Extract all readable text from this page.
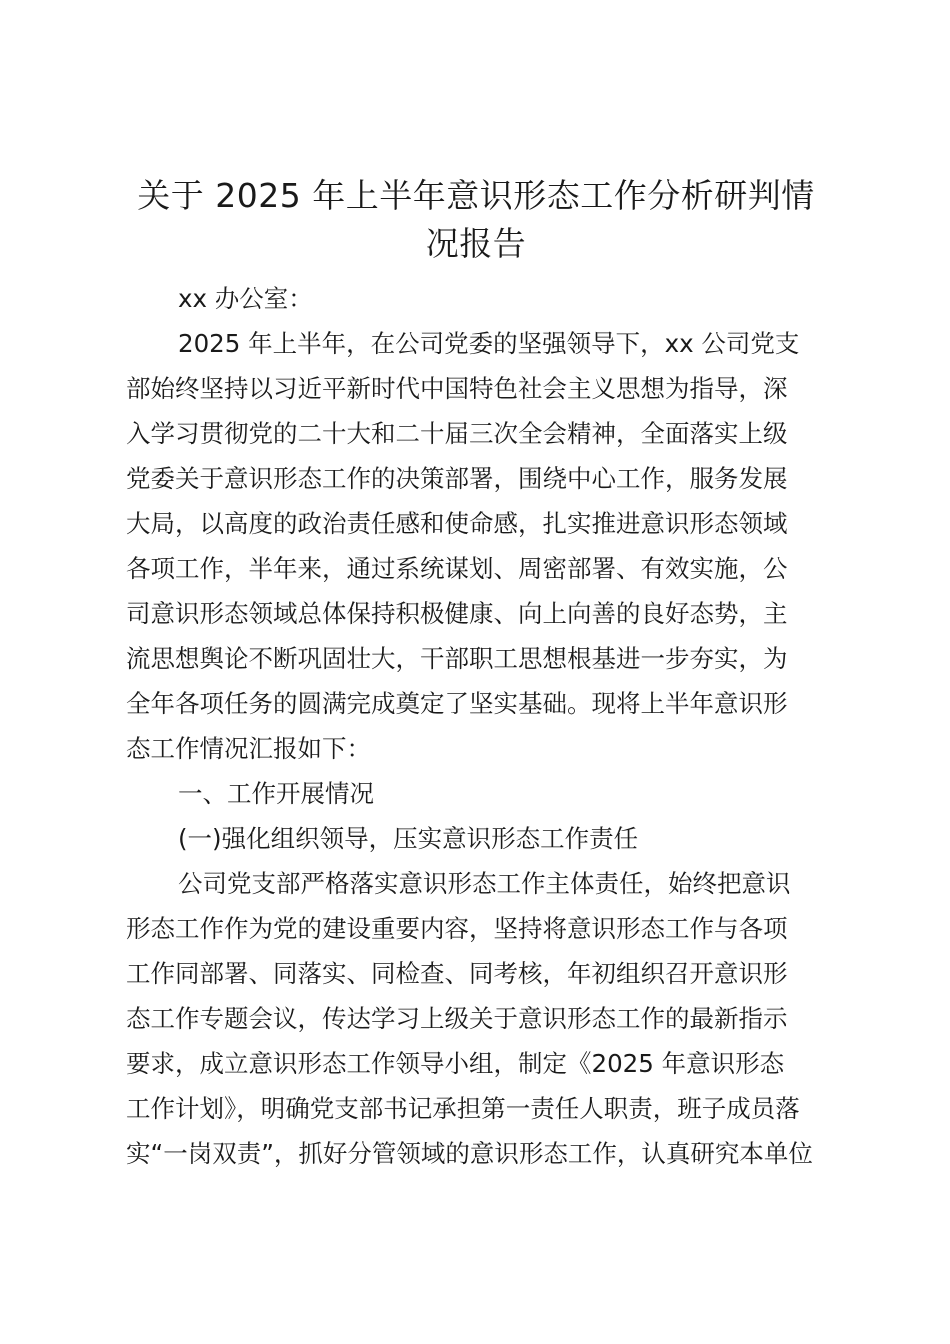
关于 2025 年上半年意识形态工作分析研判情
况报告
xx 办公室：
2025 年上半年，在公司党委的坚强领导下，xx 公司党支
部始终坚持以习近平新时代中国特色社会主义思想为指导，深
入学习贯彻党的二十大和二十届三次全会精神，全面落实上级
党委关于意识形态工作的决策部署，围绕中心工作，服务发展
大局，以高度的政治责任感和使命感，扎实推进意识形态领域
各项工作，半年来，通过系统谋划、周密部署、有效实施，公
司意识形态领域总体保持积极健康、向上向善的良好态势，主
流思想舆论不断巩固壮大，干部职工思想根基进一步夯实，为
全年各项任务的圆满完成奠定了坚实基础。现将上半年意识形
态工作情况汇报如下：
一、工作开展情况
(一)强化组织领导，压实意识形态工作责任
公司党支部严格落实意识形态工作主体责任，始终把意识
形态工作作为党的建设重要内容，坚持将意识形态工作与各项
工作同部署、同落实、同检查、同考核，年初组织召开意识形
态工作专题会议，传达学习上级关于意识形态工作的最新指示
要求，成立意识形态工作领导小组，制定《2025 年意识形态
工作计划》，明确党支部书记承担第一责任人职责，班子成员落
实“一岗双责”，抓好分管领域的意识形态工作，认真研究本单位
